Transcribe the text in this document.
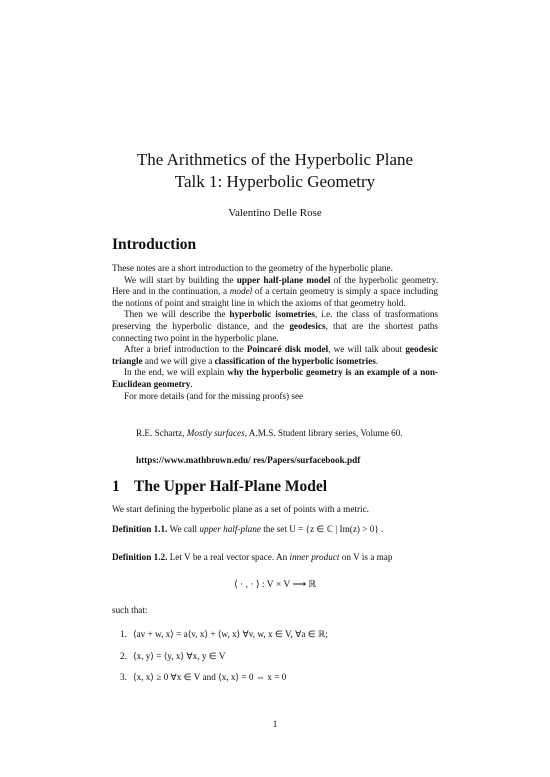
The Arithmetics of the Hyperbolic Plane
Talk 1: Hyperbolic Geometry
Valentino Delle Rose
Introduction
These notes are a short introduction to the geometry of the hyperbolic plane.
We will start by building the upper half-plane model of the hyperbolic geometry. Here and in the continuation, a model of a certain geometry is simply a space including the notions of point and straight line in which the axioms of that geometry hold.
Then we will describe the hyperbolic isometries, i.e. the class of trasformations preserving the hyperbolic distance, and the geodesics, that are the shortest paths connecting two point in the hyperbolic plane.
After a brief introduction to the Poincaré disk model, we will talk about geodesic triangle and we will give a classification of the hyperbolic isometries.
In the end, we will explain why the hyperbolic geometry is an example of a non-Euclidean geometry.
For more details (and for the missing proofs) see
R.E. Schartz, Mostly surfaces, A.M.S. Student library series, Volume 60.
https://www.mathbrown.edu/ res/Papers/surfacebook.pdf
1 The Upper Half-Plane Model
We start defining the hyperbolic plane as a set of points with a metric.
Definition 1.1. We call upper half-plane the set U = {z ∈ ℂ | Im(z) > 0} .
Definition 1.2. Let V be a real vector space. An inner product on V is a map
⟨ · , · ⟩ : V × V ⟶ ℝ
such that:
1. ⟨av + w, x⟩ = a⟨v, x⟩ + ⟨w, x⟩ ∀v, w, x ∈ V, ∀a ∈ ℝ;
2. ⟨x, y⟩ = ⟨y, x⟩ ∀x, y ∈ V
3. ⟨x, x⟩ ≥ 0 ∀x ∈ V and ⟨x, x⟩ = 0 ⇔ x = 0
1
